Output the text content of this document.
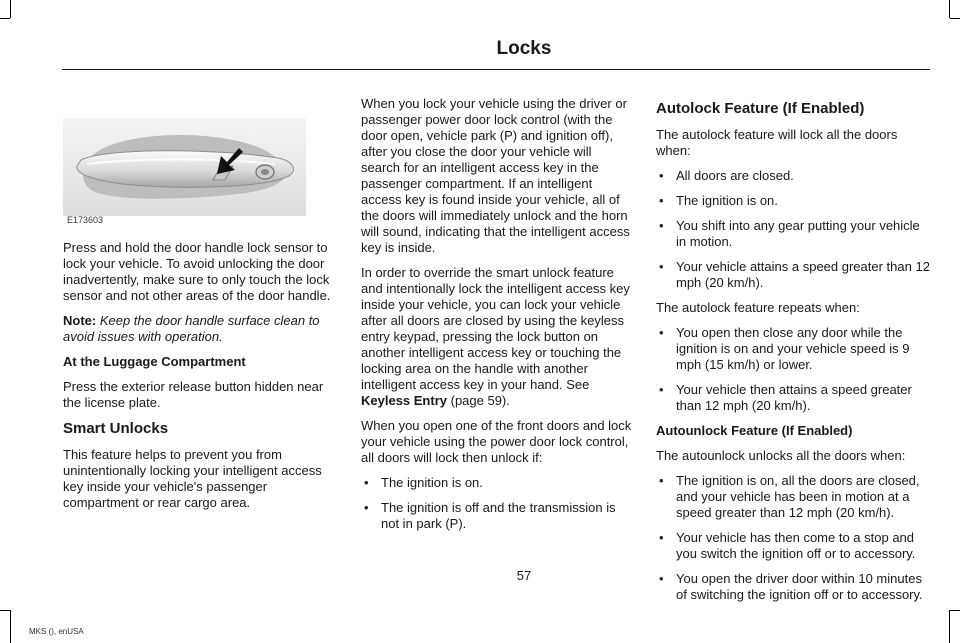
Locks
E173603

Press and hold the door handle lock sensor to lock your vehicle. To avoid unlocking the door inadvertently, make sure to only touch the lock sensor and not other areas of the door handle.

Note: Keep the door handle surface clean to avoid issues with operation.

At the Luggage Compartment

Press the exterior release button hidden near the license plate.

Smart Unlocks

This feature helps to prevent you from unintentionally locking your intelligent access key inside your vehicle's passenger compartment or rear cargo area.

When you lock your vehicle using the driver or passenger power door lock control (with the door open, vehicle park (P) and ignition off), after you close the door your vehicle will search for an intelligent access key in the passenger compartment. If an intelligent access key is found inside your vehicle, all of the doors will immediately unlock and the horn will sound, indicating that the intelligent access key is inside.

In order to override the smart unlock feature and intentionally lock the intelligent access key inside your vehicle, you can lock your vehicle after all doors are closed by using the keyless entry keypad, pressing the lock button on another intelligent access key or touching the locking area on the handle with another intelligent access key in your hand. See Keyless Entry (page 59).

When you open one of the front doors and lock your vehicle using the power door lock control, all doors will lock then unlock if:

• The ignition is on.
• The ignition is off and the transmission is not in park (P).
Autolock Feature (If Enabled)

The autolock feature will lock all the doors when:

• All doors are closed.
• The ignition is on.
• You shift into any gear putting your vehicle in motion.
• Your vehicle attains a speed greater than 12 mph (20 km/h).

The autolock feature repeats when:

• You open then close any door while the ignition is on and your vehicle speed is 9 mph (15 km/h) or lower.
• Your vehicle then attains a speed greater than 12 mph (20 km/h).
Autounlock Feature (If Enabled)

The autounlock unlocks all the doors when:

• The ignition is on, all the doors are closed, and your vehicle has been in motion at a speed greater than 12 mph (20 km/h).
• Your vehicle has then come to a stop and you switch the ignition off or to accessory.
• You open the driver door within 10 minutes of switching the ignition off or to accessory.
57
MKS (), enUSA
